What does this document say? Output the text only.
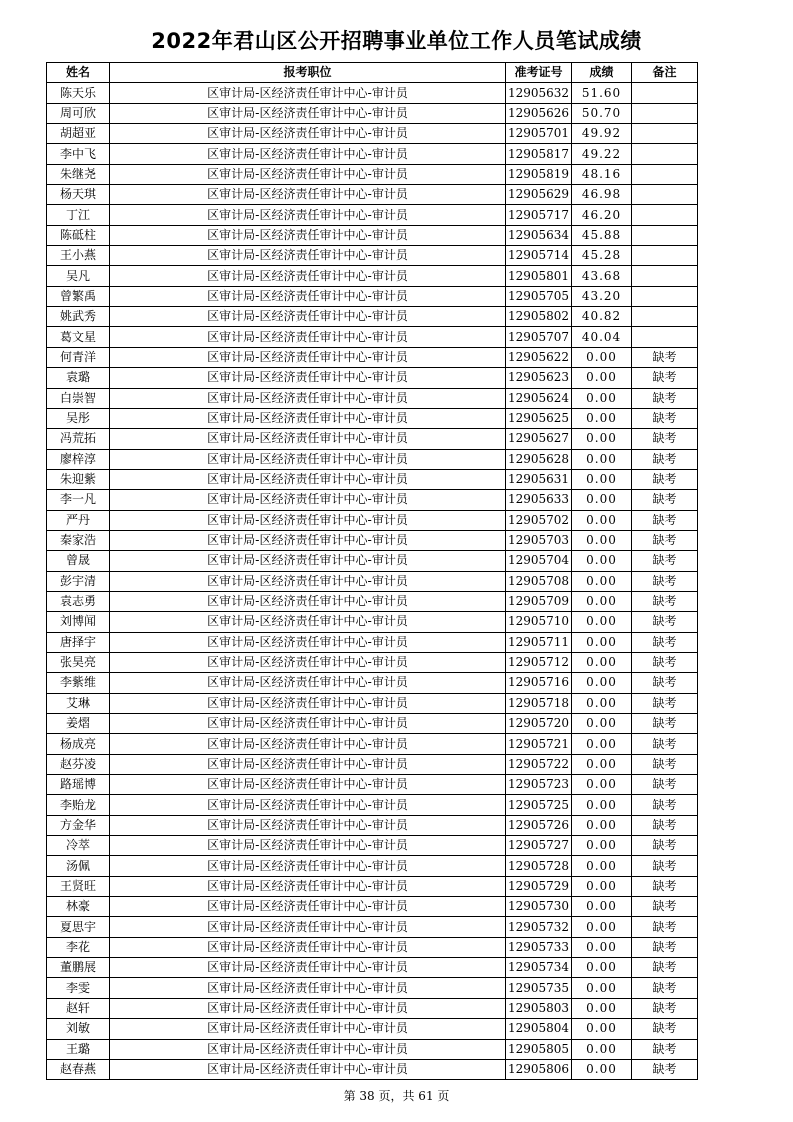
2022年君山区公开招聘事业单位工作人员笔试成绩
姓名	报考职位	准考证号	成绩	备注
陈天乐	区审计局-区经济责任审计中心-审计员	12905632	51.60	
周可欣	区审计局-区经济责任审计中心-审计员	12905626	50.70	
胡超亚	区审计局-区经济责任审计中心-审计员	12905701	49.92	
李中飞	区审计局-区经济责任审计中心-审计员	12905817	49.22	
朱继尧	区审计局-区经济责任审计中心-审计员	12905819	48.16	
杨天琪	区审计局-区经济责任审计中心-审计员	12905629	46.98	
丁江	区审计局-区经济责任审计中心-审计员	12905717	46.20	
陈砥柱	区审计局-区经济责任审计中心-审计员	12905634	45.88	
王小燕	区审计局-区经济责任审计中心-审计员	12905714	45.28	
吴凡	区审计局-区经济责任审计中心-审计员	12905801	43.68	
曾繁禹	区审计局-区经济责任审计中心-审计员	12905705	43.20	
姚武秀	区审计局-区经济责任审计中心-审计员	12905802	40.82	
葛文星	区审计局-区经济责任审计中心-审计员	12905707	40.04	
何青洋	区审计局-区经济责任审计中心-审计员	12905622	0.00	缺考
袁璐	区审计局-区经济责任审计中心-审计员	12905623	0.00	缺考
白崇智	区审计局-区经济责任审计中心-审计员	12905624	0.00	缺考
吴彤	区审计局-区经济责任审计中心-审计员	12905625	0.00	缺考
冯荒拓	区审计局-区经济责任审计中心-审计员	12905627	0.00	缺考
廖梓淳	区审计局-区经济责任审计中心-审计员	12905628	0.00	缺考
朱迎紫	区审计局-区经济责任审计中心-审计员	12905631	0.00	缺考
李一凡	区审计局-区经济责任审计中心-审计员	12905633	0.00	缺考
严丹	区审计局-区经济责任审计中心-审计员	12905702	0.00	缺考
秦家浩	区审计局-区经济责任审计中心-审计员	12905703	0.00	缺考
曾晟	区审计局-区经济责任审计中心-审计员	12905704	0.00	缺考
彭宇清	区审计局-区经济责任审计中心-审计员	12905708	0.00	缺考
袁志勇	区审计局-区经济责任审计中心-审计员	12905709	0.00	缺考
刘博闻	区审计局-区经济责任审计中心-审计员	12905710	0.00	缺考
唐择宇	区审计局-区经济责任审计中心-审计员	12905711	0.00	缺考
张昊亮	区审计局-区经济责任审计中心-审计员	12905712	0.00	缺考
李紫维	区审计局-区经济责任审计中心-审计员	12905716	0.00	缺考
艾琳	区审计局-区经济责任审计中心-审计员	12905718	0.00	缺考
姜熠	区审计局-区经济责任审计中心-审计员	12905720	0.00	缺考
杨成亮	区审计局-区经济责任审计中心-审计员	12905721	0.00	缺考
赵芬凌	区审计局-区经济责任审计中心-审计员	12905722	0.00	缺考
路瑶博	区审计局-区经济责任审计中心-审计员	12905723	0.00	缺考
李贻龙	区审计局-区经济责任审计中心-审计员	12905725	0.00	缺考
方金华	区审计局-区经济责任审计中心-审计员	12905726	0.00	缺考
冷萃	区审计局-区经济责任审计中心-审计员	12905727	0.00	缺考
汤佩	区审计局-区经济责任审计中心-审计员	12905728	0.00	缺考
王贤旺	区审计局-区经济责任审计中心-审计员	12905729	0.00	缺考
林豪	区审计局-区经济责任审计中心-审计员	12905730	0.00	缺考
夏思宇	区审计局-区经济责任审计中心-审计员	12905732	0.00	缺考
李花	区审计局-区经济责任审计中心-审计员	12905733	0.00	缺考
董鹏展	区审计局-区经济责任审计中心-审计员	12905734	0.00	缺考
李雯	区审计局-区经济责任审计中心-审计员	12905735	0.00	缺考
赵轩	区审计局-区经济责任审计中心-审计员	12905803	0.00	缺考
刘敏	区审计局-区经济责任审计中心-审计员	12905804	0.00	缺考
王璐	区审计局-区经济责任审计中心-审计员	12905805	0.00	缺考
赵春燕	区审计局-区经济责任审计中心-审计员	12905806	0.00	缺考
第 38 页，共 61 页
